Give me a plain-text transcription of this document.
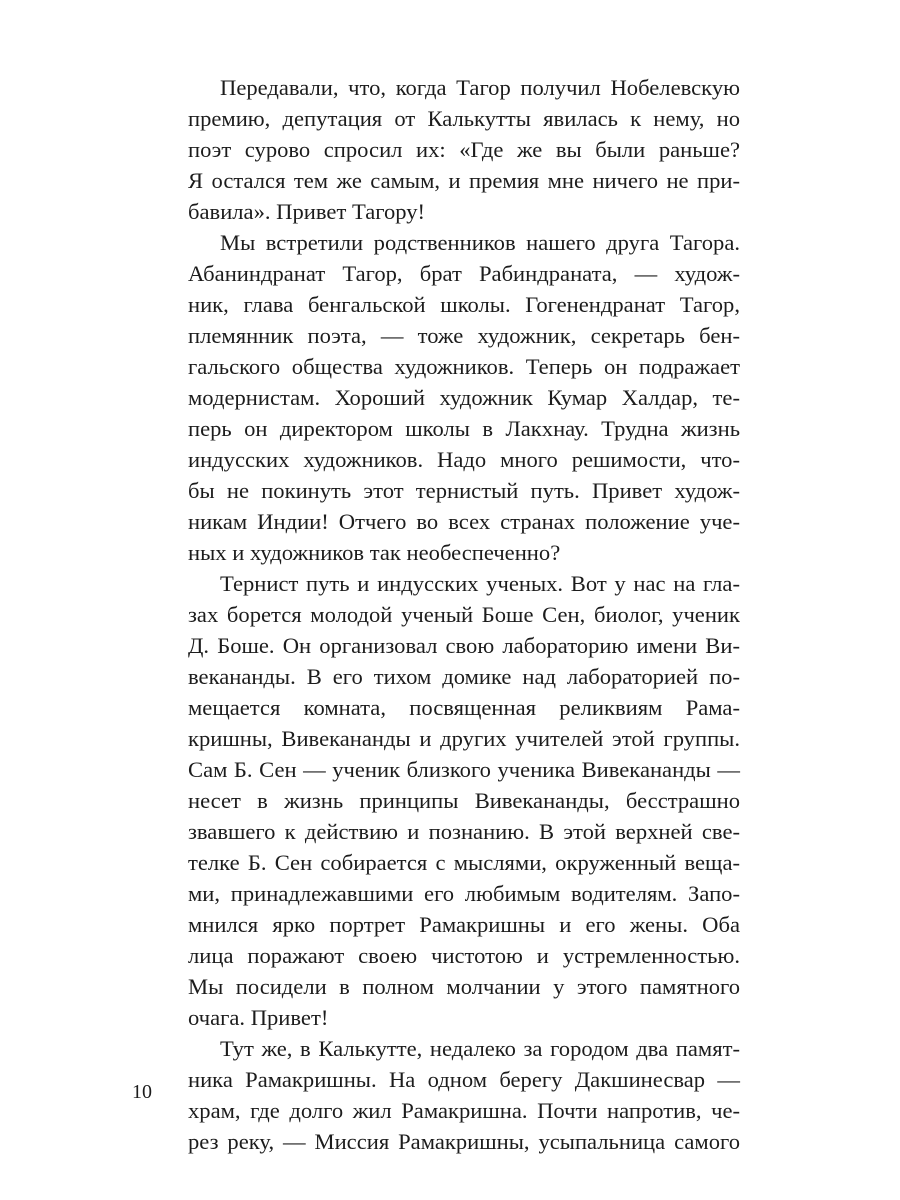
Передавали, что, когда Тагор получил Нобелевскую
премию, депутация от Калькутты явилась к нему, но
поэт сурово спросил их: «Где же вы были раньше?
Я остался тем же самым, и премия мне ничего не при-
бавила». Привет Тагору!
Мы встретили родственников нашего друга Тагора.
Абаниндранат Тагор, брат Рабиндраната, — худож-
ник, глава бенгальской школы. Гогенендранат Тагор,
племянник поэта, — тоже художник, секретарь бен-
гальского общества художников. Теперь он подражает
модернистам. Хороший художник Кумар Халдар, те-
перь он директором школы в Лакхнау. Трудна жизнь
индусских художников. Надо много решимости, что-
бы не покинуть этот тернистый путь. Привет худож-
никам Индии! Отчего во всех странах положение уче-
ных и художников так необеспеченно?
Тернист путь и индусских ученых. Вот у нас на гла-
зах борется молодой ученый Боше Сен, биолог, ученик
Д. Боше. Он организовал свою лабораторию имени Ви-
векананды. В его тихом домике над лабораторией по-
мещается комната, посвященная реликвиям Рама-
кришны, Вивекананды и других учителей этой группы.
Сам Б. Сен — ученик близкого ученика Вивекананды —
несет в жизнь принципы Вивекананды, бесстрашно
звавшего к действию и познанию. В этой верхней све-
телке Б. Сен собирается с мыслями, окруженный веща-
ми, принадлежавшими его любимым водителям. Запо-
мнился ярко портрет Рамакришны и его жены. Оба
лица поражают своею чистотою и устремленностью.
Мы посидели в полном молчании у этого памятного
очага. Привет!
Тут же, в Калькутте, недалеко за городом два памят-
ника Рамакришны. На одном берегу Дакшинесвар —
храм, где долго жил Рамакришна. Почти напротив, че-
рез реку, — Миссия Рамакришны, усыпальница самого
10
